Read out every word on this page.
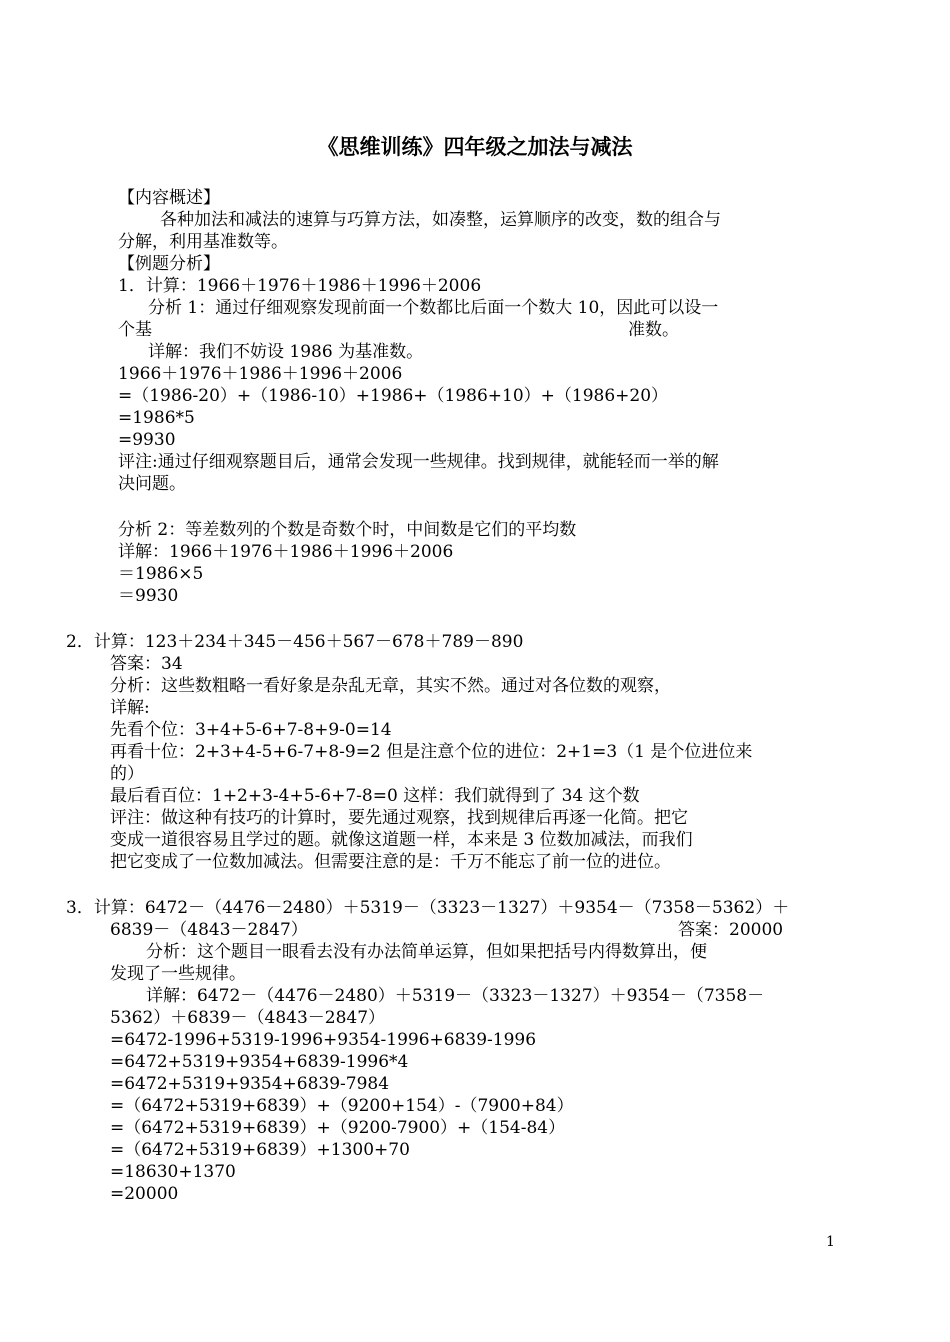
《思维训练》四年级之加法与减法
【内容概述】
各种加法和减法的速算与巧算方法，如凑整，运算顺序的改变，数的组合与
分解，利用基准数等。
【例题分析】
1．计算：1966＋1976＋1986＋1996＋2006
分析 1：通过仔细观察发现前面一个数都比后面一个数大 10，因此可以设一
个基	准数。
详解：我们不妨设 1986 为基准数。
1966＋1976＋1986＋1996＋2006
=（1986-20）+（1986-10）+1986+（1986+10）+（1986+20）
=1986*5
=9930
评注:通过仔细观察题目后，通常会发现一些规律。找到规律，就能轻而一举的解
决问题。
分析 2：等差数列的个数是奇数个时，中间数是它们的平均数
详解：1966＋1976＋1986＋1996＋2006
＝1986×5
＝9930
2．计算：123＋234＋345－456＋567－678＋789－890
答案：34
分析：这些数粗略一看好象是杂乱无章，其实不然。通过对各位数的观察，
详解:
先看个位：3+4+5-6+7-8+9-0=14
再看十位：2+3+4-5+6-7+8-9=2 但是注意个位的进位：2+1=3（1 是个位进位来
的）
最后看百位：1+2+3-4+5-6+7-8=0 这样：我们就得到了 34 这个数
评注：做这种有技巧的计算时，要先通过观察，找到规律后再逐一化简。把它
变成一道很容易且学过的题。就像这道题一样，本来是 3 位数加减法，而我们
把它变成了一位数加减法。但需要注意的是：千万不能忘了前一位的进位。
3．计算：6472－（4476－2480）＋5319－（3323－1327）＋9354－（7358－5362）＋
6839－（4843－2847）	答案：20000
分析：这个题目一眼看去没有办法简单运算，但如果把括号内得数算出，便
发现了一些规律。
详解：6472－（4476－2480）＋5319－（3323－1327）＋9354－（7358－
5362）＋6839－（4843－2847）
=6472-1996+5319-1996+9354-1996+6839-1996
=6472+5319+9354+6839-1996*4
=6472+5319+9354+6839-7984
=（6472+5319+6839）+（9200+154）-（7900+84）
=（6472+5319+6839）+（9200-7900）+（154-84）
=（6472+5319+6839）+1300+70
=18630+1370
=20000
1
